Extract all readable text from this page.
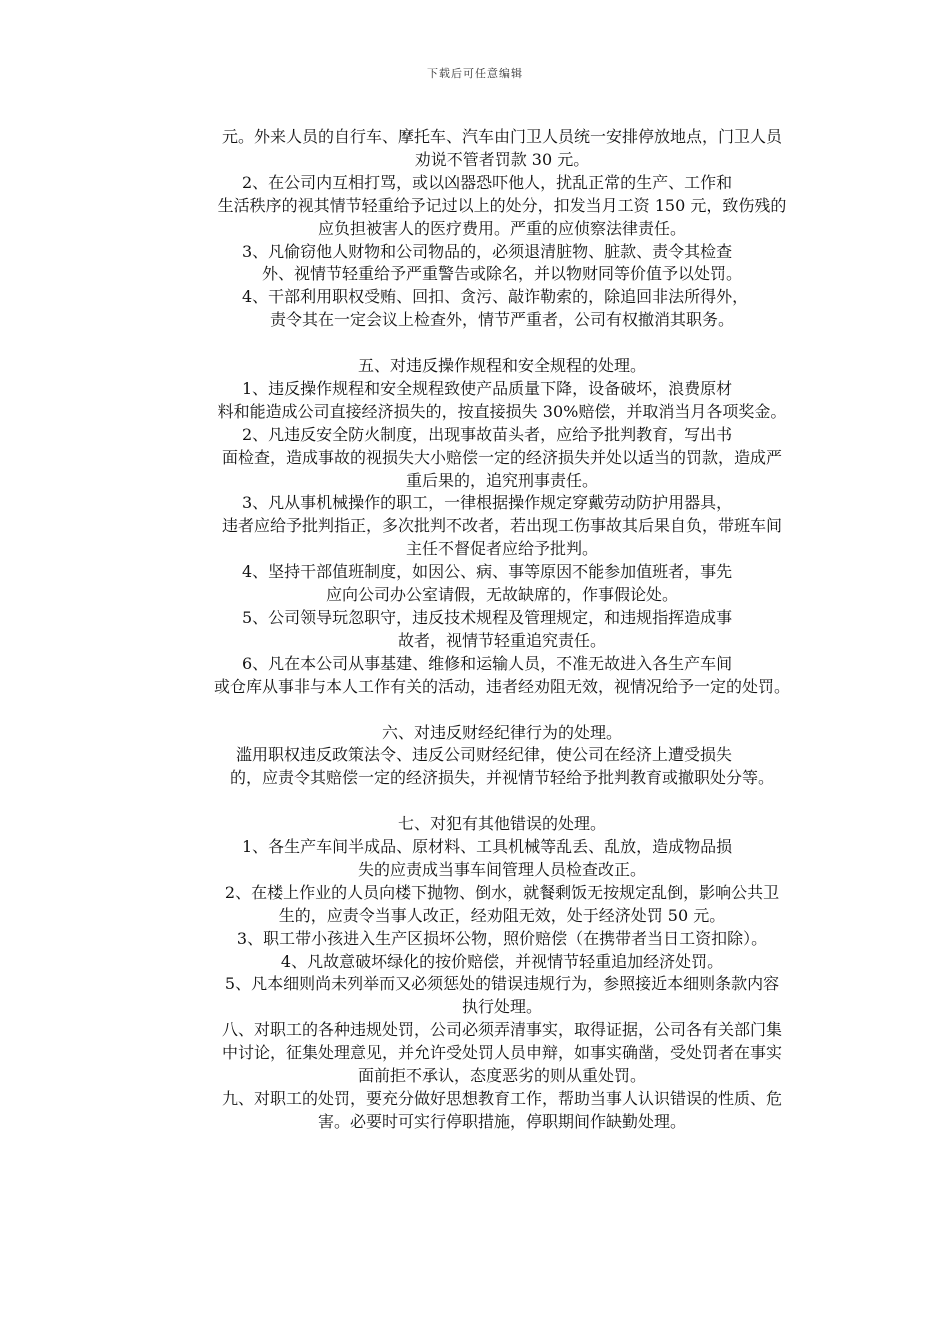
下载后可任意编辑
元。外来人员的自行车、摩托车、汽车由门卫人员统一安排停放地点，门卫人员
劝说不管者罚款 30 元。
2、在公司内互相打骂，或以凶器恐吓他人，扰乱正常的生产、工作和
生活秩序的视其情节轻重给予记过以上的处分，扣发当月工资 150 元，致伤残的
应负担被害人的医疗费用。严重的应侦察法律责任。
3、凡偷窃他人财物和公司物品的，必须退清脏物、脏款、责令其检查
外、视情节轻重给予严重警告或除名，并以物财同等价值予以处罚。
4、干部利用职权受贿、回扣、贪污、敲诈勒索的，除追回非法所得外，
责令其在一定会议上检查外，情节严重者，公司有权撤消其职务。
五、对违反操作规程和安全规程的处理。
1、违反操作规程和安全规程致使产品质量下降，设备破坏，浪费原材
料和能造成公司直接经济损失的，按直接损失 30%赔偿，并取消当月各项奖金。
2、凡违反安全防火制度，出现事故苗头者，应给予批判教育，写出书
面检查，造成事故的视损失大小赔偿一定的经济损失并处以适当的罚款，造成严
重后果的，追究刑事责任。
3、凡从事机械操作的职工，一律根据操作规定穿戴劳动防护用器具，
违者应给予批判指正，多次批判不改者，若出现工伤事故其后果自负，带班车间
主任不督促者应给予批判。
4、坚持干部值班制度，如因公、病、事等原因不能参加值班者，事先
应向公司办公室请假，无故缺席的，作事假论处。
5、公司领导玩忽职守，违反技术规程及管理规定，和违规指挥造成事
故者，视情节轻重追究责任。
6、凡在本公司从事基建、维修和运输人员，不准无故进入各生产车间
或仓库从事非与本人工作有关的活动，违者经劝阻无效，视情况给予一定的处罚。
六、对违反财经纪律行为的处理。
滥用职权违反政策法令、违反公司财经纪律，使公司在经济上遭受损失
的，应责令其赔偿一定的经济损失，并视情节轻给予批判教育或撤职处分等。
七、对犯有其他错误的处理。
1、各生产车间半成品、原材料、工具机械等乱丢、乱放，造成物品损
失的应责成当事车间管理人员检查改正。
2、在楼上作业的人员向楼下抛物、倒水，就餐剩饭无按规定乱倒，影响公共卫
生的，应责令当事人改正，经劝阻无效，处于经济处罚 50 元。
3、职工带小孩进入生产区损坏公物，照价赔偿（在携带者当日工资扣除）。
4、凡故意破坏绿化的按价赔偿，并视情节轻重追加经济处罚。
5、凡本细则尚未列举而又必须惩处的错误违规行为，参照接近本细则条款内容
执行处理。
八、对职工的各种违规处罚，公司必须弄清事实，取得证据，公司各有关部门集
中讨论，征集处理意见，并允许受处罚人员申辩，如事实确凿，受处罚者在事实
面前拒不承认，态度恶劣的则从重处罚。
九、对职工的处罚，要充分做好思想教育工作，帮助当事人认识错误的性质、危
害。必要时可实行停职措施，停职期间作缺勤处理。
